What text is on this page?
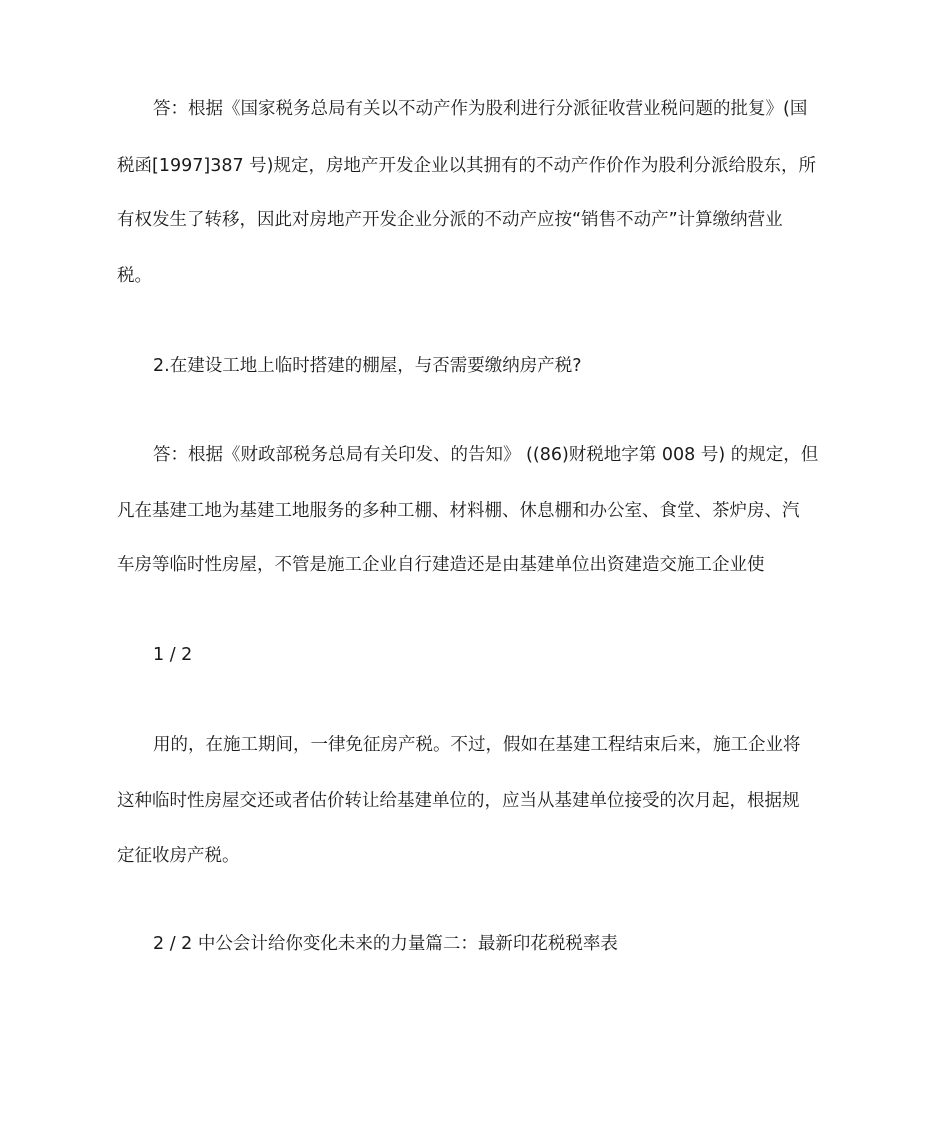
答：根据《国家税务总局有关以不动产作为股利进行分派征收营业税问题的批复》(国
税函[1997]387 号)规定，房地产开发企业以其拥有的不动产作价作为股利分派给股东，所
有权发生了转移，因此对房地产开发企业分派的不动产应按“销售不动产”计算缴纳营业
税。
2.在建设工地上临时搭建的棚屋，与否需要缴纳房产税?
答：根据《财政部税务总局有关印发、的告知》 ((86)财税地字第 008 号) 的规定，但
凡在基建工地为基建工地服务的多种工棚、材料棚、休息棚和办公室、食堂、茶炉房、汽
车房等临时性房屋，不管是施工企业自行建造还是由基建单位出资建造交施工企业使
1 / 2
用的，在施工期间，一律免征房产税。不过，假如在基建工程结束后来，施工企业将
这种临时性房屋交还或者估价转让给基建单位的，应当从基建单位接受的次月起，根据规
定征收房产税。
2 / 2 中公会计给你变化未来的力量篇二：最新印花税税率表
